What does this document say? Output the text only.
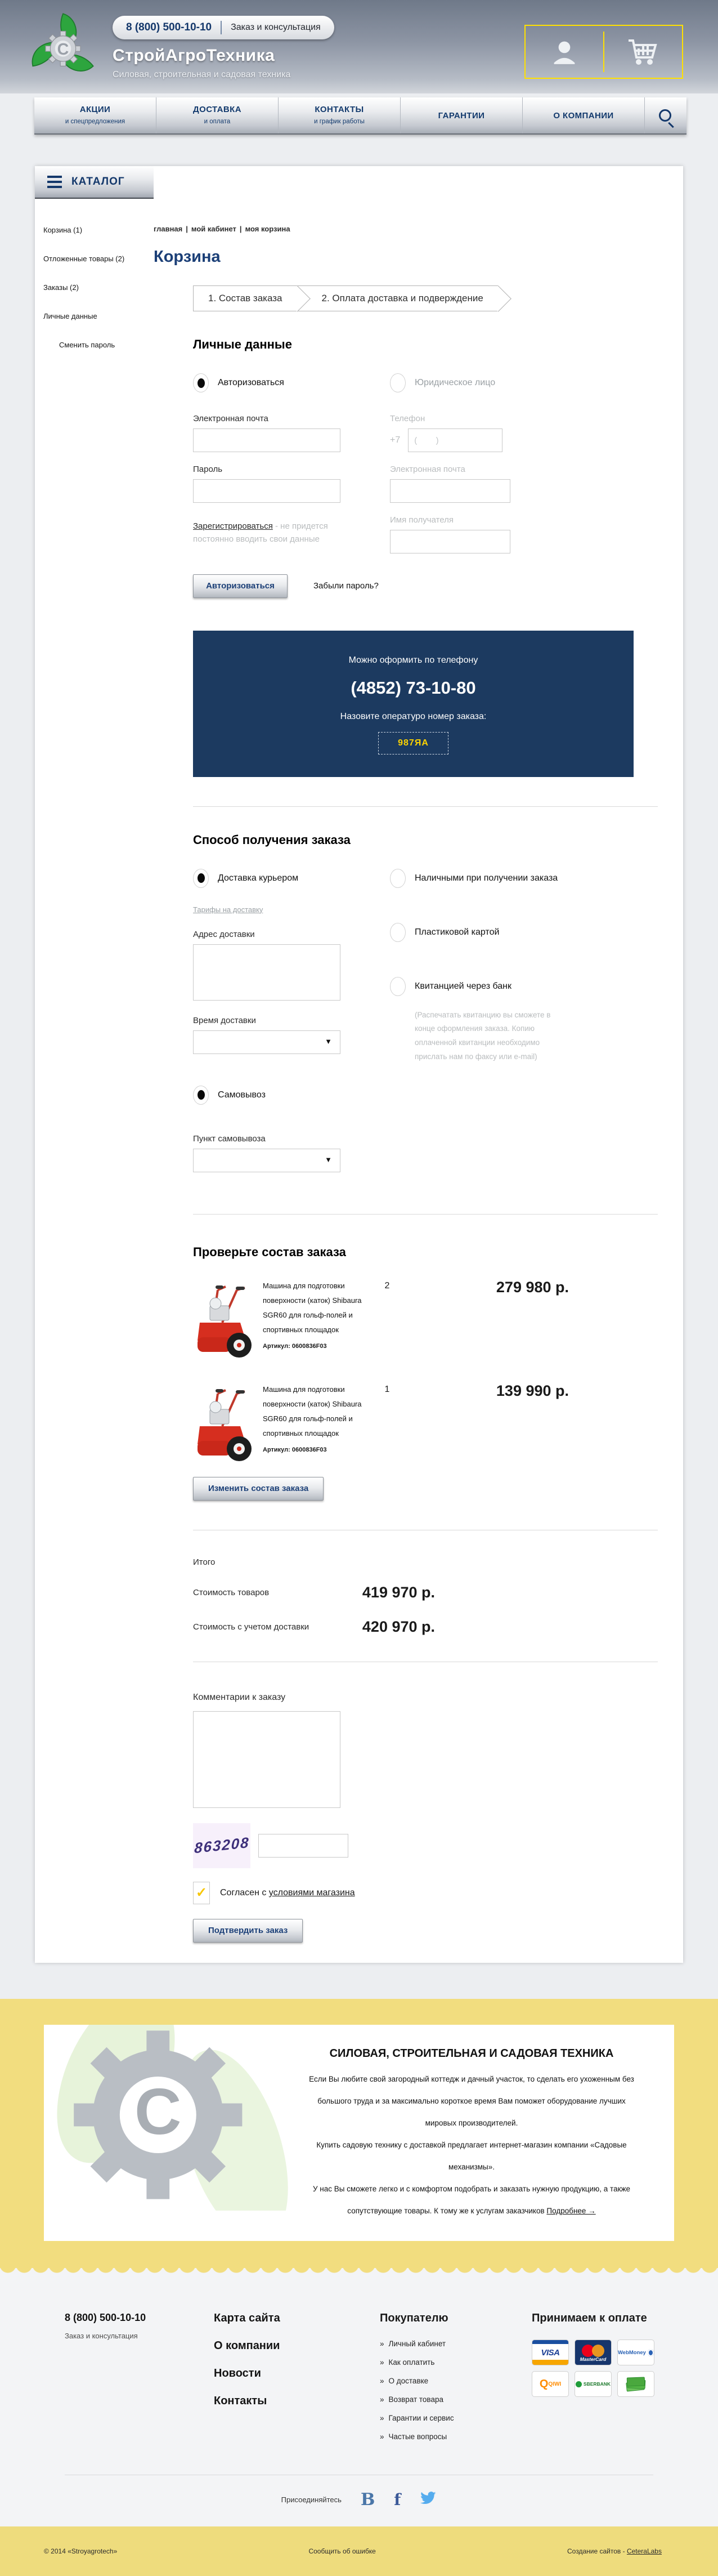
C
8 (800) 500-10-10 Заказ и консультация
СтройАгроТехника
Силовая, строительная и садовая техника
АКЦИИ
и спецпредложения
ДОСТАВКА
и оплата
КОНТАКТЫ
и график работы
ГАРАНТИИ	О КОМПАНИИ
КАТАЛОГ
Корзина (1)
Отложенные товары (2)
Заказы (2)
Личные данные
Сменить пароль
главная | мой кабинет | моя корзина
Корзина
1. Состав заказа	2. Оплата доставка и подверждение
Личные данные
Авторизоваться	Юридическое лицо
Электронная почта
Пароль
Зарегистрироваться - не придется постоянно вводить свои данные
Авторизоваться	Забыли пароль?
Телефон
+7
( )
Электронная почта
Имя получателя
Можно оформить по телефону
(4852) 73-10-80
Назовите опературо номер заказа:
987ЯА
Способ получения заказа
Доставка курьером
Тарифы на доставку
Адрес доставки
Время доставки
▼
Самовывоз
Пункт самовывоза
▼
Наличными при получении заказа
Пластиковой картой
Квитанцией через банк
(Распечатать квитанцию вы сможете в конце оформления заказа. Копию оплаченной квитанции необходимо прислать нам по факсу или e-mail)
Проверьте состав заказа
Машина для подготовки поверхности (каток) Shibaura SGR60 для гольф-полей и спортивных площадок
Артикул: 0600836F03
2	279 980 р.
Машина для подготовки поверхности (каток) Shibaura SGR60 для гольф-полей и спортивных площадок
Артикул: 0600836F03
1	139 990 р.
Изменить состав заказа
Итого
Стоимость товаров	419 970 р.
Стоимость с учетом доставки	420 970 р.
Комментарии к заказу
863208
✓ Согласен с условиями магазина
Подтвердить заказ
C
СИЛОВАЯ, СТРОИТЕЛЬНАЯ И САДОВАЯ ТЕХНИКА
Если Вы любите свой загородный коттедж и дачный участок, то сделать его ухоженным без большого труда и за максимально короткое время Вам поможет оборудование лучших мировых производителей.
Купить садовую технику с доставкой предлагает интернет-магазин компании «Садовые механизмы».
У нас Вы сможете легко и с комфортом подобрать и заказать нужную продукцию, а также сопутствующие товары. К тому же к услугам заказчиков Подробнее →
8 (800) 500-10-10
Заказ и консультация
Карта сайта
О компании
Новости
Контакты
Покупателю
» Личный кабинет
» Как оплатить
» О доставке
» Возврат товара
» Гарантии и сервис
» Частые вопросы
Принимаем к оплате
VISA
MasterCard
WebMoney
Q QIWI	SBERBANK
Присоединяйтесь B f
© 2014 «Stroyagrotech»	Сообщить об ошибке	Создание сайтов - CeteraLabs
